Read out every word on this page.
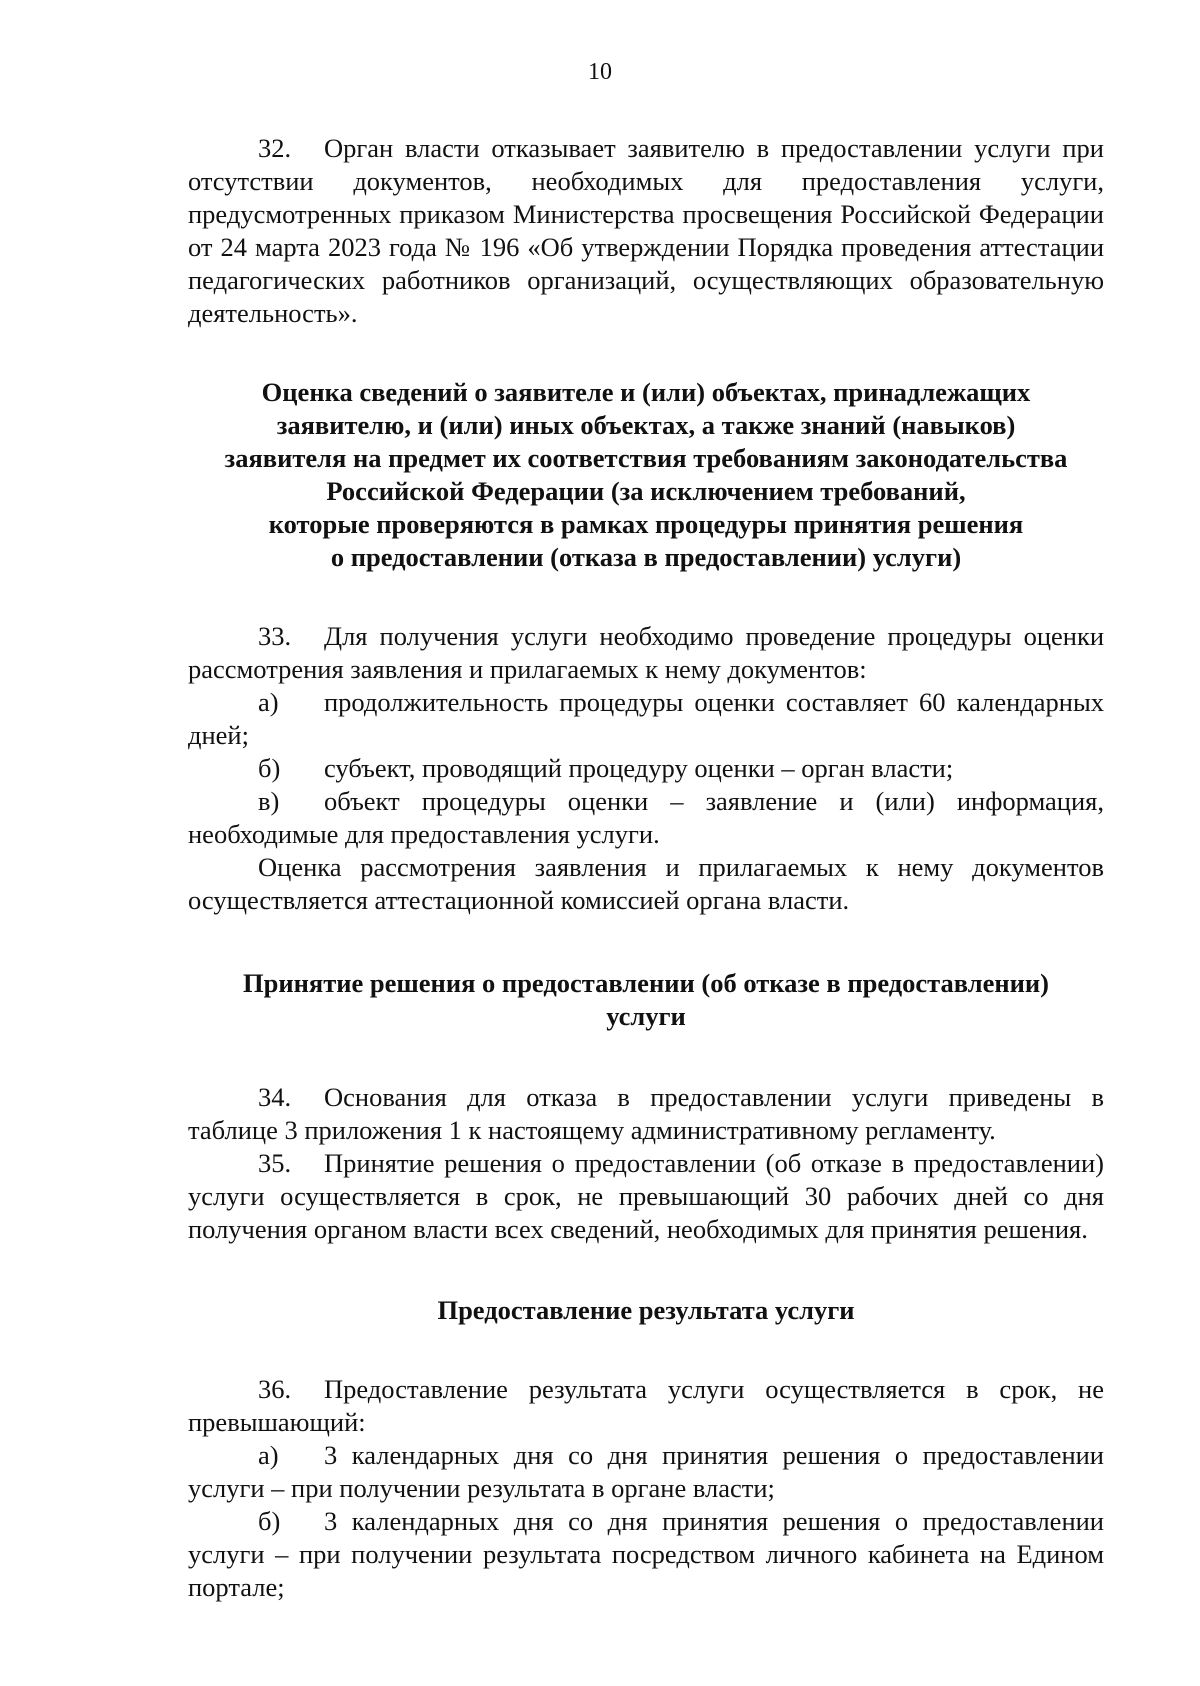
10

32. Орган власти отказывает заявителю в предоставлении услуги при отсутствии документов, необходимых для предоставления услуги, предусмотренных приказом Министерства просвещения Российской Федерации от 24 марта 2023 года № 196 «Об утверждении Порядка проведения аттестации педагогических работников организаций, осуществляющих образовательную деятельность».

Оценка сведений о заявителе и (или) объектах, принадлежащих
заявителю, и (или) иных объектах, а также знаний (навыков)
заявителя на предмет их соответствия требованиям законодательства
Российской Федерации (за исключением требований,
которые проверяются в рамках процедуры принятия решения
о предоставлении (отказа в предоставлении) услуги)

33. Для получения услуги необходимо проведение процедуры оценки рассмотрения заявления и прилагаемых к нему документов:

а) продолжительность процедуры оценки составляет 60 календарных дней;

б) субъект, проводящий процедуру оценки – орган власти;

в) объект процедуры оценки – заявление и (или) информация, необходимые для предоставления услуги.

Оценка рассмотрения заявления и прилагаемых к нему документов осуществляется аттестационной комиссией органа власти.

Принятие решения о предоставлении (об отказе в предоставлении)
услуги

34. Основания для отказа в предоставлении услуги приведены в таблице 3 приложения 1 к настоящему административному регламенту.

35. Принятие решения о предоставлении (об отказе в предоставлении) услуги осуществляется в срок, не превышающий 30 рабочих дней со дня получения органом власти всех сведений, необходимых для принятия решения.

Предоставление результата услуги

36. Предоставление результата услуги осуществляется в срок, не превышающий:

а) 3 календарных дня со дня принятия решения о предоставлении услуги – при получении результата в органе власти;

б) 3 календарных дня со дня принятия решения о предоставлении услуги – при получении результата посредством личного кабинета на Едином портале;
